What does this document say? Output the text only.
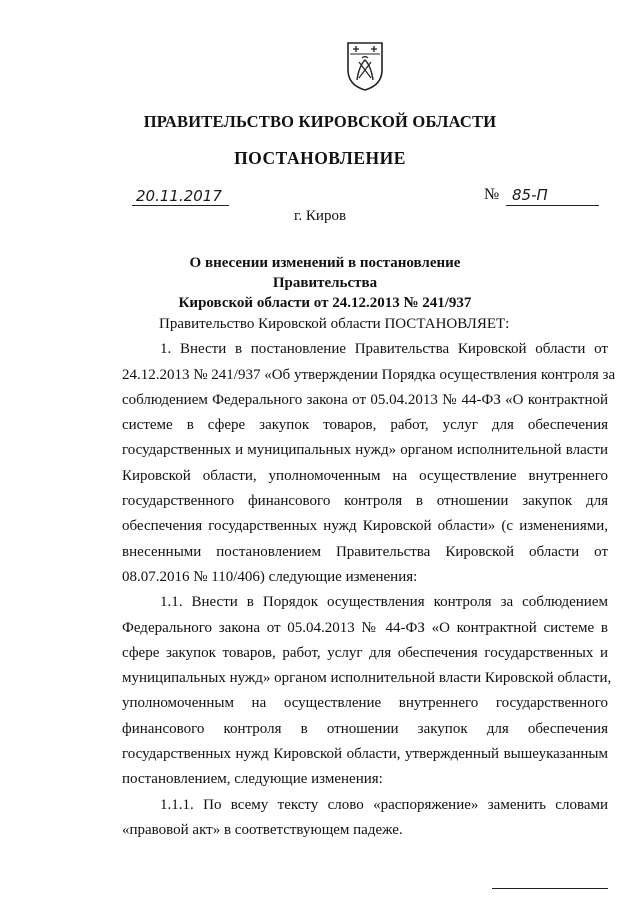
ПРАВИТЕЛЬСТВО КИРОВСКОЙ ОБЛАСТИ
ПОСТАНОВЛЕНИЕ
20.11.2017	№ 85-П
г. Киров
О внесении изменений в постановление Правительства
Кировской области от 24.12.2013 № 241/937
Правительство Кировской области ПОСТАНОВЛЯЕТ:
1. Внести в постановление Правительства Кировской области от
24.12.2013 № 241/937 «Об утверждении Порядка осуществления контроля за
соблюдением Федерального закона от 05.04.2013 № 44-ФЗ «О контрактной
системе в сфере закупок товаров, работ, услуг для обеспечения
государственных и муниципальных нужд» органом исполнительной власти
Кировской области, уполномоченным на осуществление внутреннего
государственного финансового контроля в отношении закупок для
обеспечения государственных нужд Кировской области» (с изменениями,
внесенными постановлением Правительства Кировской области от
08.07.2016 № 110/406) следующие изменения:
1.1. Внести в Порядок осуществления контроля за соблюдением
Федерального закона от 05.04.2013 № 44-ФЗ «О контрактной системе в
сфере закупок товаров, работ, услуг для обеспечения государственных и
муниципальных нужд» органом исполнительной власти Кировской области,
уполномоченным на осуществление внутреннего государственного
финансового контроля в отношении закупок для обеспечения
государственных нужд Кировской области, утвержденный вышеуказанным
постановлением, следующие изменения:
1.1.1. По всему тексту слово «распоряжение» заменить словами
«правовой акт» в соответствующем падеже.
